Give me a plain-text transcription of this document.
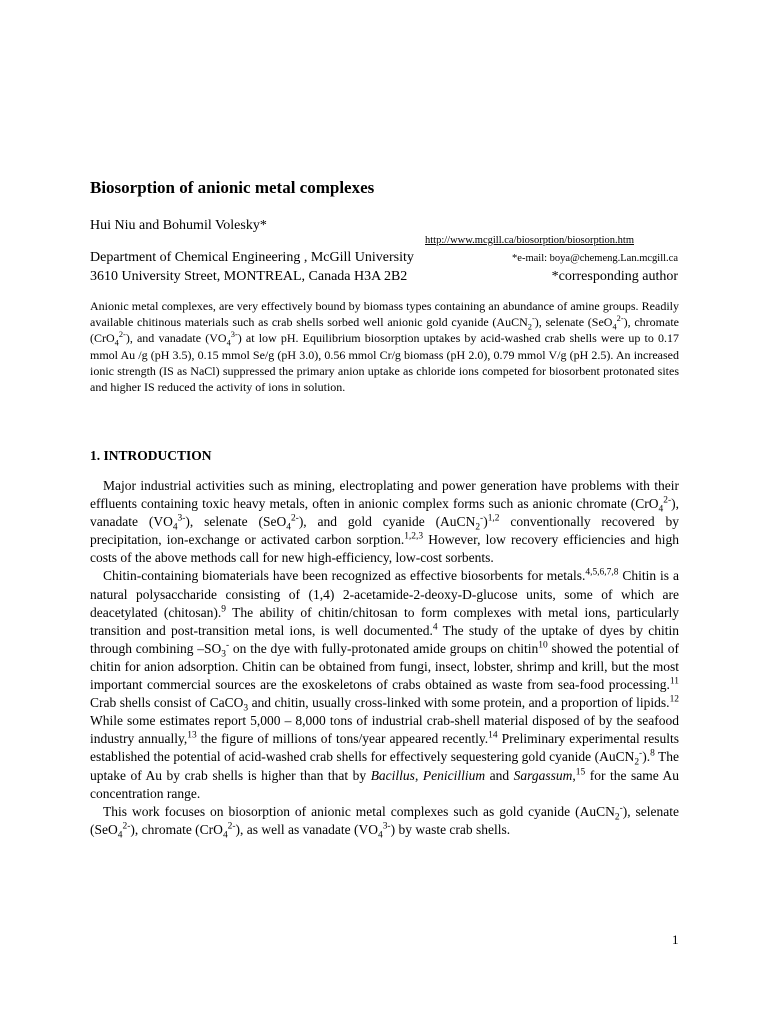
Biosorption of anionic metal complexes
Hui Niu and Bohumil Volesky*
http://www.mcgill.ca/biosorption/biosorption.htm
Department of Chemical Engineering , McGill University	*e-mail: boya@chemeng.Lan.mcgill.ca
3610 University Street, MONTREAL, Canada H3A 2B2	*corresponding author

Anionic metal complexes, are very effectively bound by biomass types containing an abundance of amine groups. Readily available chitinous materials such as crab shells sorbed well anionic gold cyanide (AuCN$_2$-), selenate (SeO$_4^{2-}$), chromate (CrO$_4^{2-}$), and vanadate $(VO_4^{3-})$ at low pH. Equilibrium biosorption uptakes by acid-washed crab shells were up to 0.17 mmol Au /g (pH 3.5), 0.15 mmol Se/g (pH 3.0), 0.56 mmol Cr/g biomass (pH 2.0), 0.79 mmol V/g (pH 2.5). An increased ionic strength (IS as NaCl) suppressed the primary anion uptake as chloride ions competed for biosorbent protonated sites and higher IS reduced the activity of ions in solution.

1. INTRODUCTION

Major industrial activities such as mining, electroplating and power generation have problems with their effluents containing toxic heavy metals, often in anionic complex forms such as anionic chromate (CrO$_4^{2-}$), vanadate $(VO_4^{3-})$, selenate (SeO$_4^{2-}$), and gold cyanide (AuCN$_2$-)$^{1,2}$ conventionally recovered by precipitation, ion-exchange or activated carbon sorption.$^{1,2,3}$ However, low recovery efficiencies and high costs of the above methods call for new high-efficiency, low-cost sorbents.

Chitin-containing biomaterials have been recognized as effective biosorbents for metals.$^{4,5,6,7,8}$ Chitin is a natural polysaccharide consisting of (1,4) 2-acetamide-2-deoxy-D-glucose units, some of which are deacetylated (chitosan).$^9$ The ability of chitin/chitosan to form complexes with metal ions, particularly transition and post-transition metal ions, is well documented.$^4$ The study of the uptake of dyes by chitin through combining $-SO_3^-$ on the dye with fully-protonated amide groups on chitin$^{10}$ showed the potential of chitin for anion adsorption. Chitin can be obtained from fungi, insect, lobster, shrimp and krill, but the most important commercial sources are the exoskeletons of crabs obtained as waste from sea-food processing.$^{11}$ Crab shells consist of CaCO$_3$ and chitin, usually cross-linked with some protein, and a proportion of lipids.$^{12}$ While some estimates report 5,000 – 8,000 tons of industrial crab-shell material disposed of by the seafood industry annually,$^{13}$ the figure of millions of tons/year appeared recently.$^{14}$ Preliminary experimental results established the potential of acid-washed crab shells for effectively sequestering gold cyanide (AuCN$_2$-).$^8$ The uptake of Au by crab shells is higher than that by Bacillus, Penicillium and Sargassum,$^{15}$ for the same Au concentration range.

This work focuses on biosorption of anionic metal complexes such as gold cyanide (AuCN$_2$-), selenate (SeO$_4^{2-}$), chromate (CrO$_4^{2-}$), as well as vanadate $(VO_4^{3-})$ by waste crab shells.

1
